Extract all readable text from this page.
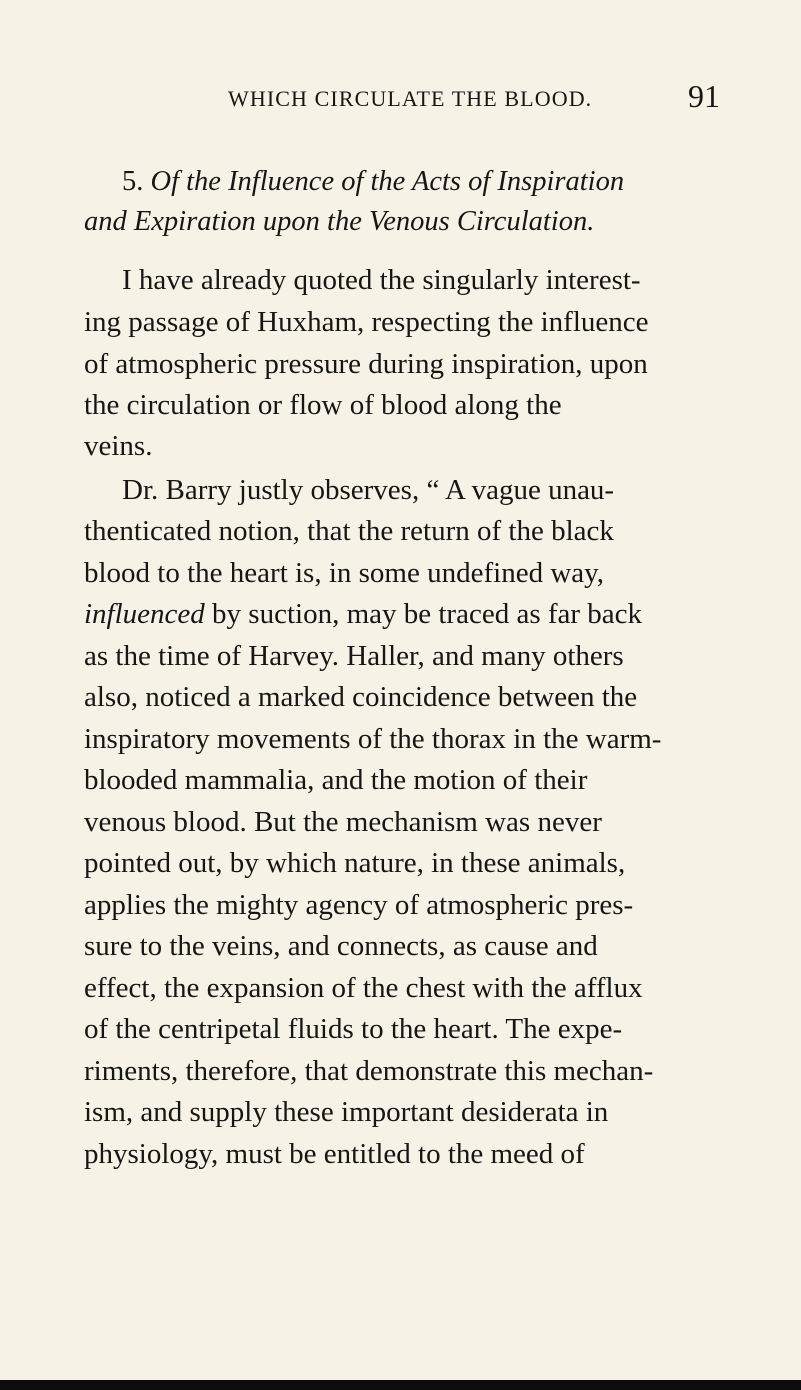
WHICH CIRCULATE THE BLOOD.	91
5. Of the Influence of the Acts of Inspiration
and Expiration upon the Venous Circulation.
I have already quoted the singularly interest-
ing passage of Huxham, respecting the influence
of atmospheric pressure during inspiration, upon
the circulation or flow of blood along the
veins.
Dr. Barry justly observes, “ A vague unau-
thenticated notion, that the return of the black
blood to the heart is, in some undefined way,
influenced by suction, may be traced as far back
as the time of Harvey. Haller, and many others
also, noticed a marked coincidence between the
inspiratory movements of the thorax in the warm-
blooded mammalia, and the motion of their
venous blood. But the mechanism was never
pointed out, by which nature, in these animals,
applies the mighty agency of atmospheric pres-
sure to the veins, and connects, as cause and
effect, the expansion of the chest with the afflux
of the centripetal fluids to the heart. The expe-
riments, therefore, that demonstrate this mechan-
ism, and supply these important desiderata in
physiology, must be entitled to the meed of
